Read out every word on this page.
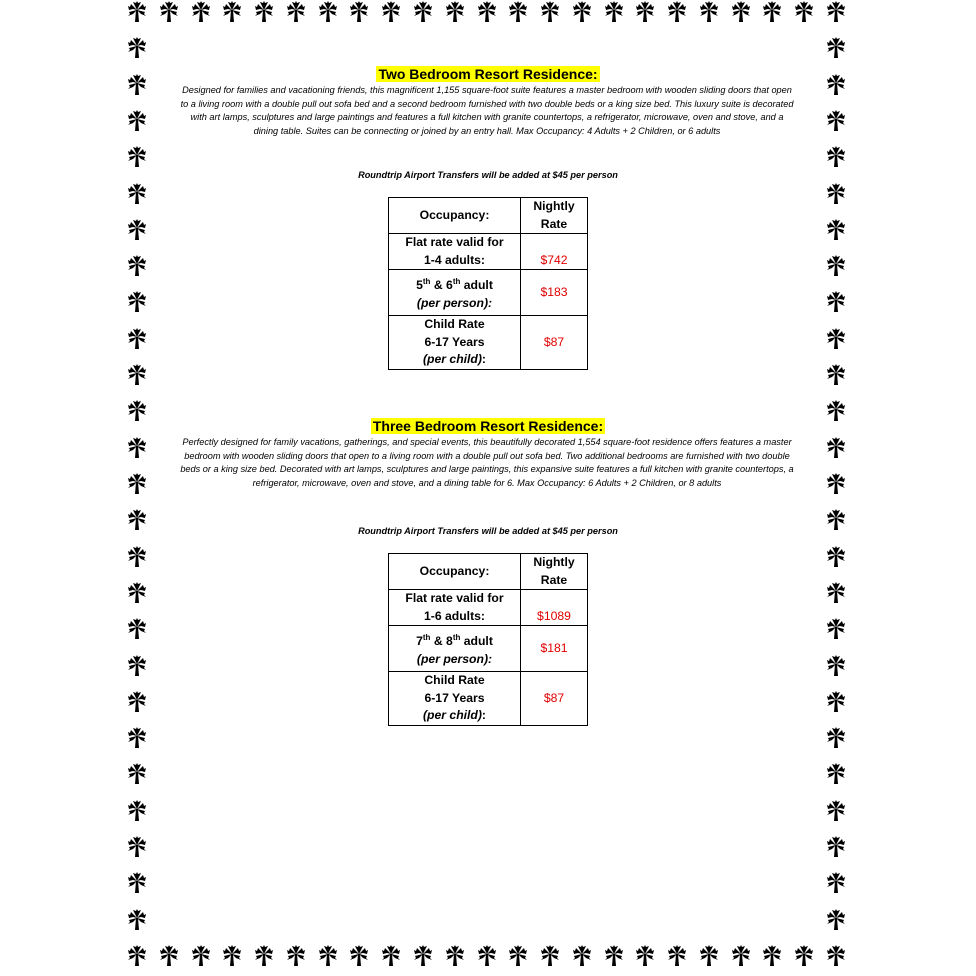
Two Bedroom Resort Residence:
Designed for families and vacationing friends, this magnificent 1,155 square-foot suite features a master bedroom with wooden sliding doors that open to a living room with a double pull out sofa bed and a second bedroom furnished with two double beds or a king size bed. This luxury suite is decorated with art lamps, sculptures and large paintings and features a full kitchen with granite countertops, a refrigerator, microwave, oven and stove, and a dining table. Suites can be connecting or joined by an entry hall. Max Occupancy: 4 Adults + 2 Children, or 6 adults
Roundtrip Airport Transfers will be added at $45 per person
Occupancy:	Nightly
Rate
Flat rate valid for
1-4 adults:	$742
5th & 6th adult
(per person):	$183
Child Rate
6-17 Years
(per child):	$87
Three Bedroom Resort Residence:
Perfectly designed for family vacations, gatherings, and special events, this beautifully decorated 1,554 square-foot residence offers features a master bedroom with wooden sliding doors that open to a living room with a double pull out sofa bed. Two additional bedrooms are furnished with two double beds or a king size bed. Decorated with art lamps, sculptures and large paintings, this expansive suite features a full kitchen with granite countertops, a refrigerator, microwave, oven and stove, and a dining table for 6. Max Occupancy: 6 Adults + 2 Children, or 8 adults
Roundtrip Airport Transfers will be added at $45 per person
Occupancy:	Nightly
Rate
Flat rate valid for
1-6 adults:	$1089
7th & 8th adult
(per person):	$181
Child Rate
6-17 Years
(per child):	$87
